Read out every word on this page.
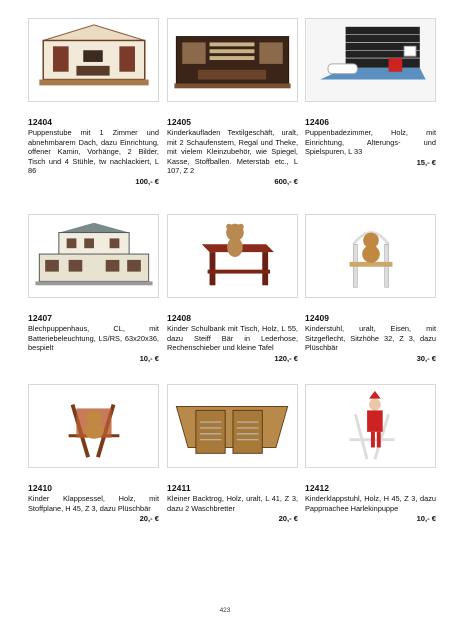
12404
Puppenstube mit 1 Zimmer und abnehmbarem Dach, dazu Einrichtung, offener Kamin, Vorhänge, 2 Bilder, Tisch und 4 Stühle, tw nachlackiert, L 86
100,- €
12405
Kinderkaufladen Textilgeschäft, uralt, mit 2 Schaufenstern, Regal und Theke, mit vielem Kleinzubehör, wie Spiegel, Kasse, Stoffballen. Meterstab etc., L 107, Z 2
600,- €
12406
Puppenbadezimmer, Holz, mit Einrichtung, Alterungs- und Spielspuren, L 33
15,- €
12407
Blechpuppenhaus, CL, mit Batteriebeleuchtung, LS/RS, 63x20x36, bespielt
10,- €
12408
Kinder Schulbank mit Tisch, Holz, L 55, dazu Steiff Bär in Lederhose, Rechenschieber und kleine Tafel
120,- €
12409
Kinderstuhl, uralt, Eisen, mit Sitzgeflecht, Sitzhöhe 32, Z 3, dazu Plüschbär
30,- €
12410
Kinder Klappsessel, Holz, mit Stoffplane, H 45, Z 3, dazu Plüschbär
20,- €
12411
Kleiner Backtrog, Holz, uralt, L 41, Z 3, dazu 2 Waschbretter
20,- €
12412
Kinderklappstuhl, Holz, H 45, Z 3, dazu Pappmachee Harlekinpuppe
10,- €
423
